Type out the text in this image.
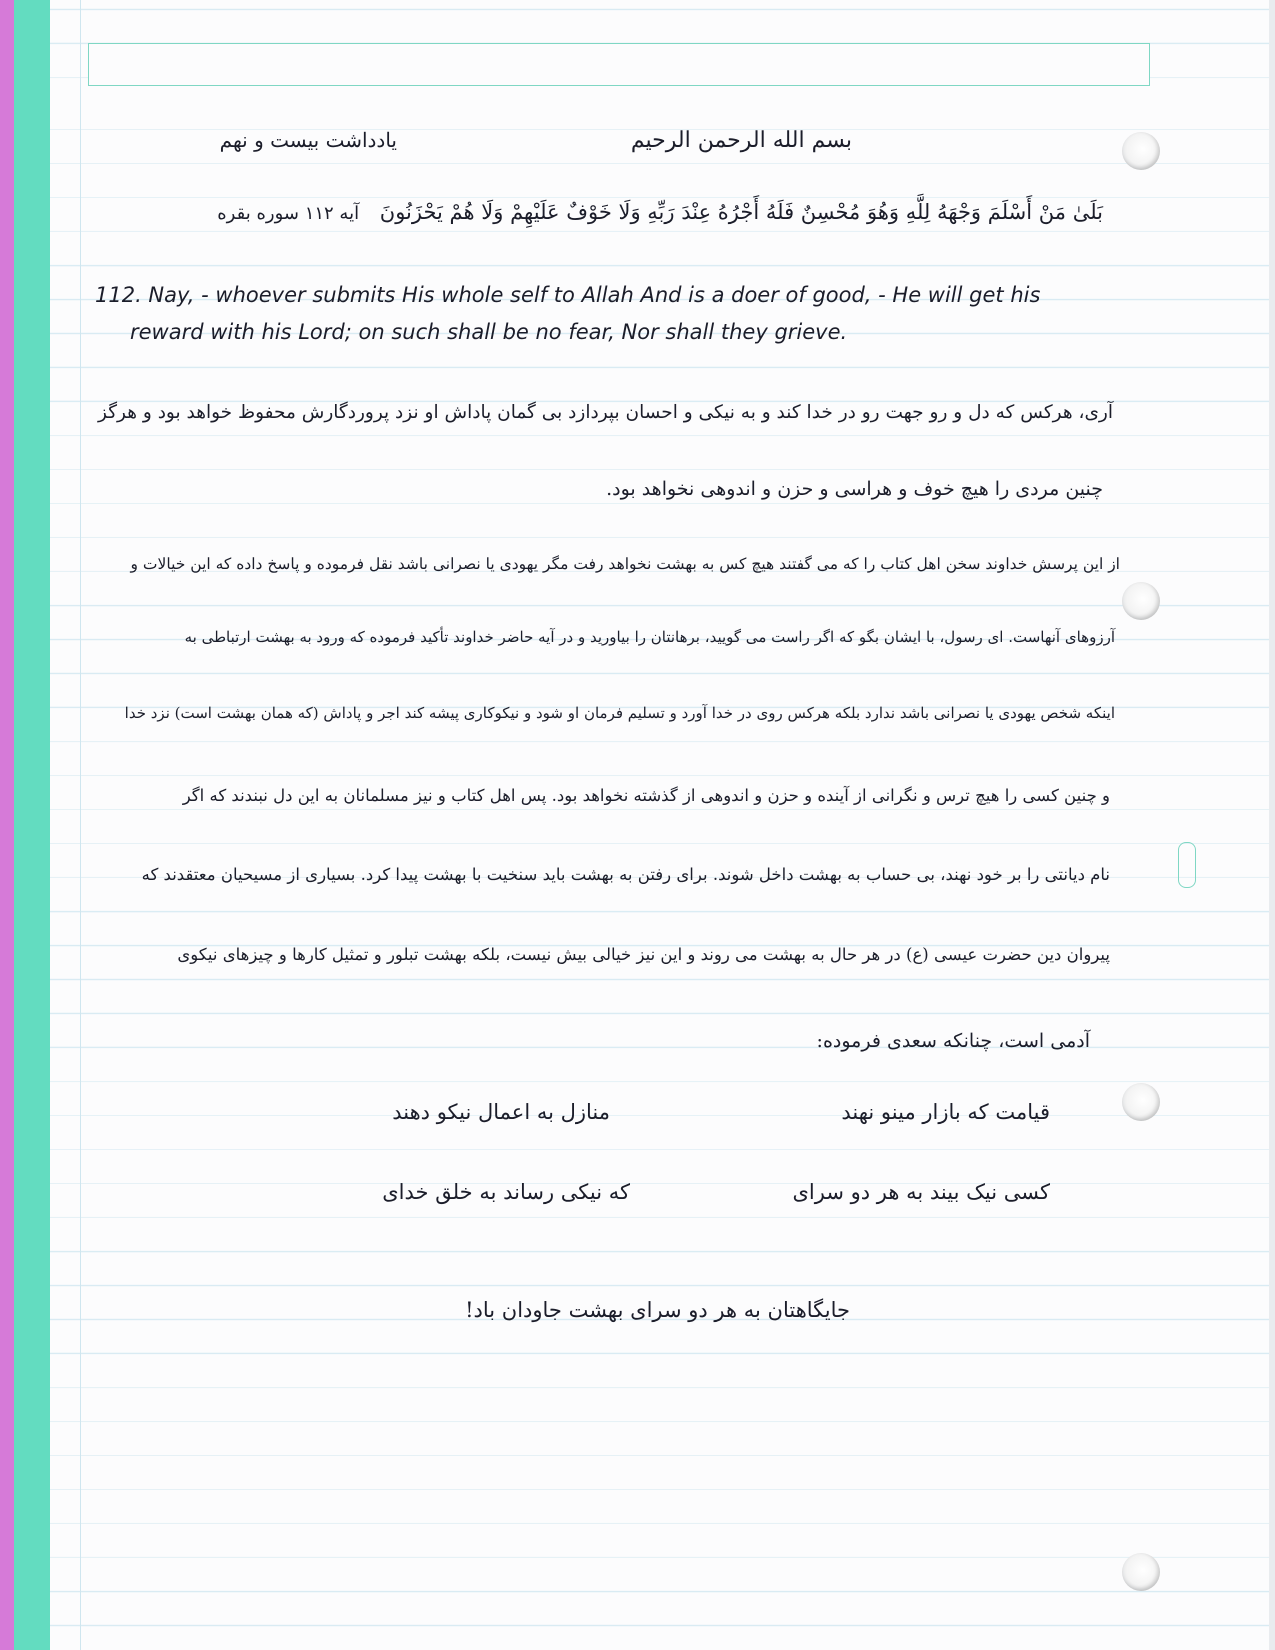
بسم الله الرحمن الرحیم
یادداشت بیست و نهم
بَلَىٰ مَنْ أَسْلَمَ وَجْهَهُ لِلَّهِ وَهُوَ مُحْسِنٌ فَلَهُ أَجْرُهُ عِنْدَ رَبِّهِ وَلَا خَوْفٌ عَلَيْهِمْ وَلَا هُمْ يَحْزَنُونَ آیه ۱۱۲ سوره بقره
112. Nay, - whoever submits His whole self to Allah And is a doer of good, - He will get his
reward with his Lord; on such shall be no fear, Nor shall they grieve.
آری، هرکس که دل و رو جهت رو در خدا کند و به نیکی و احسان بپردازد بی گمان پاداش او نزد پروردگارش محفوظ خواهد بود و هرگز
چنین مردی را هیچ خوف و هراسی و حزن و اندوهی نخواهد بود.
از این پرسش خداوند سخن اهل کتاب را که می گفتند هیچ کس به بهشت نخواهد رفت مگر یهودی یا نصرانی باشد نقل فرموده و پاسخ داده که این خیالات و
آرزوهای آنهاست. ای رسول، با ایشان بگو که اگر راست می گویید، برهانتان را بیاورید و در آیه حاضر خداوند تأکید فرموده که ورود به بهشت ارتباطی به
اینکه شخص یهودی یا نصرانی باشد ندارد بلکه هرکس روی در خدا آورد و تسلیم فرمان او شود و نیکوکاری پیشه کند اجر و پاداش (که همان بهشت است) نزد خدا
و چنین کسی را هیچ ترس و نگرانی از آینده و حزن و اندوهی از گذشته نخواهد بود. پس اهل کتاب و نیز مسلمانان به این دل نبندند که اگر
نام دیانتی را بر خود نهند، بی حساب به بهشت داخل شوند. برای رفتن به بهشت باید سنخیت با بهشت پیدا کرد. بسیاری از مسیحیان معتقدند که
پیروان دین حضرت عیسی (ع) در هر حال به بهشت می روند و این نیز خیالی بیش نیست، بلکه بهشت تبلور و تمثیل کارها و چیزهای نیکوی
آدمی است، چنانکه سعدی فرموده:
قیامت که بازار مینو نهند
منازل به اعمال نیکو دهند
کسی نیک بیند به هر دو سرای
که نیکی رساند به خلق خدای
جایگاهتان به هر دو سرای بهشت جاودان باد!
